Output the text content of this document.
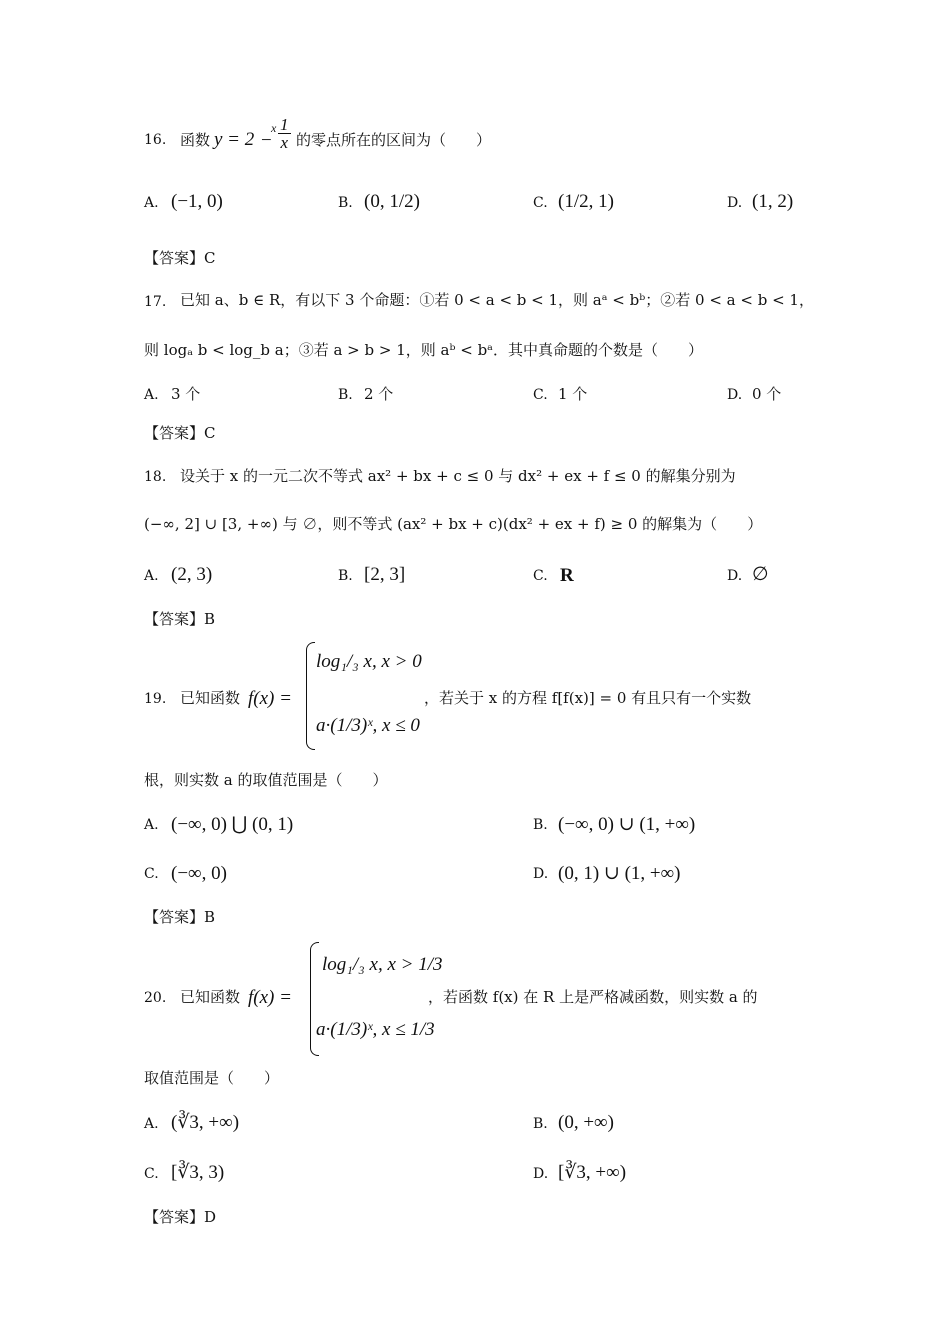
16. 函数 y = 2
x
− $\frac{1}{x}$ 的零点所在的区间为（　　）
A. (−1, 0)	B. (0, 1/2)	C. (1/2, 1)	D. (1, 2)
【答案】C
17. 已知 a、b ∈ R，有以下 3 个命题：①若 0 < a < b < 1，则 aᵃ < bᵇ；②若 0 < a < b < 1，
则 logₐ b < log_b a；③若 a > b > 1，则 aᵇ < bᵃ．其中真命题的个数是（　　）
A. 3 个	B. 2 个	C. 1 个	D. 0 个
【答案】C
18. 设关于 x 的一元二次不等式 ax² + bx + c ≤ 0 与 dx² + ex + f ≤ 0 的解集分别为
(−∞, 2] ∪ [3, +∞) 与 ∅，则不等式 (ax² + bx + c)(dx² + ex + f) ≥ 0 的解集为（　　）
A. (2, 3)	B. [2, 3]	C. R	D. ∅
【答案】B
19. 已知函数 f(x) =
log₁/₃ x, x > 0
a·(1/3)ˣ, x ≤ 0
，若关于 x 的方程 f[f(x)] = 0 有且只有一个实数
根，则实数 a 的取值范围是（　　）
A. (−∞, 0) ⋃ (0, 1)	B. (−∞, 0) ∪ (1, +∞)
C. (−∞, 0)	D. (0, 1) ∪ (1, +∞)
【答案】B
20. 已知函数 f(x) =
log₁/₃ x, x > 1/3
a·(1/3)ˣ, x ≤ 1/3
，若函数 f(x) 在 R 上是严格减函数，则实数 a 的
取值范围是（　　）
A. (∛3, +∞)	B. (0, +∞)
C. [∛3, 3)	D. [∛3, +∞)
【答案】D
